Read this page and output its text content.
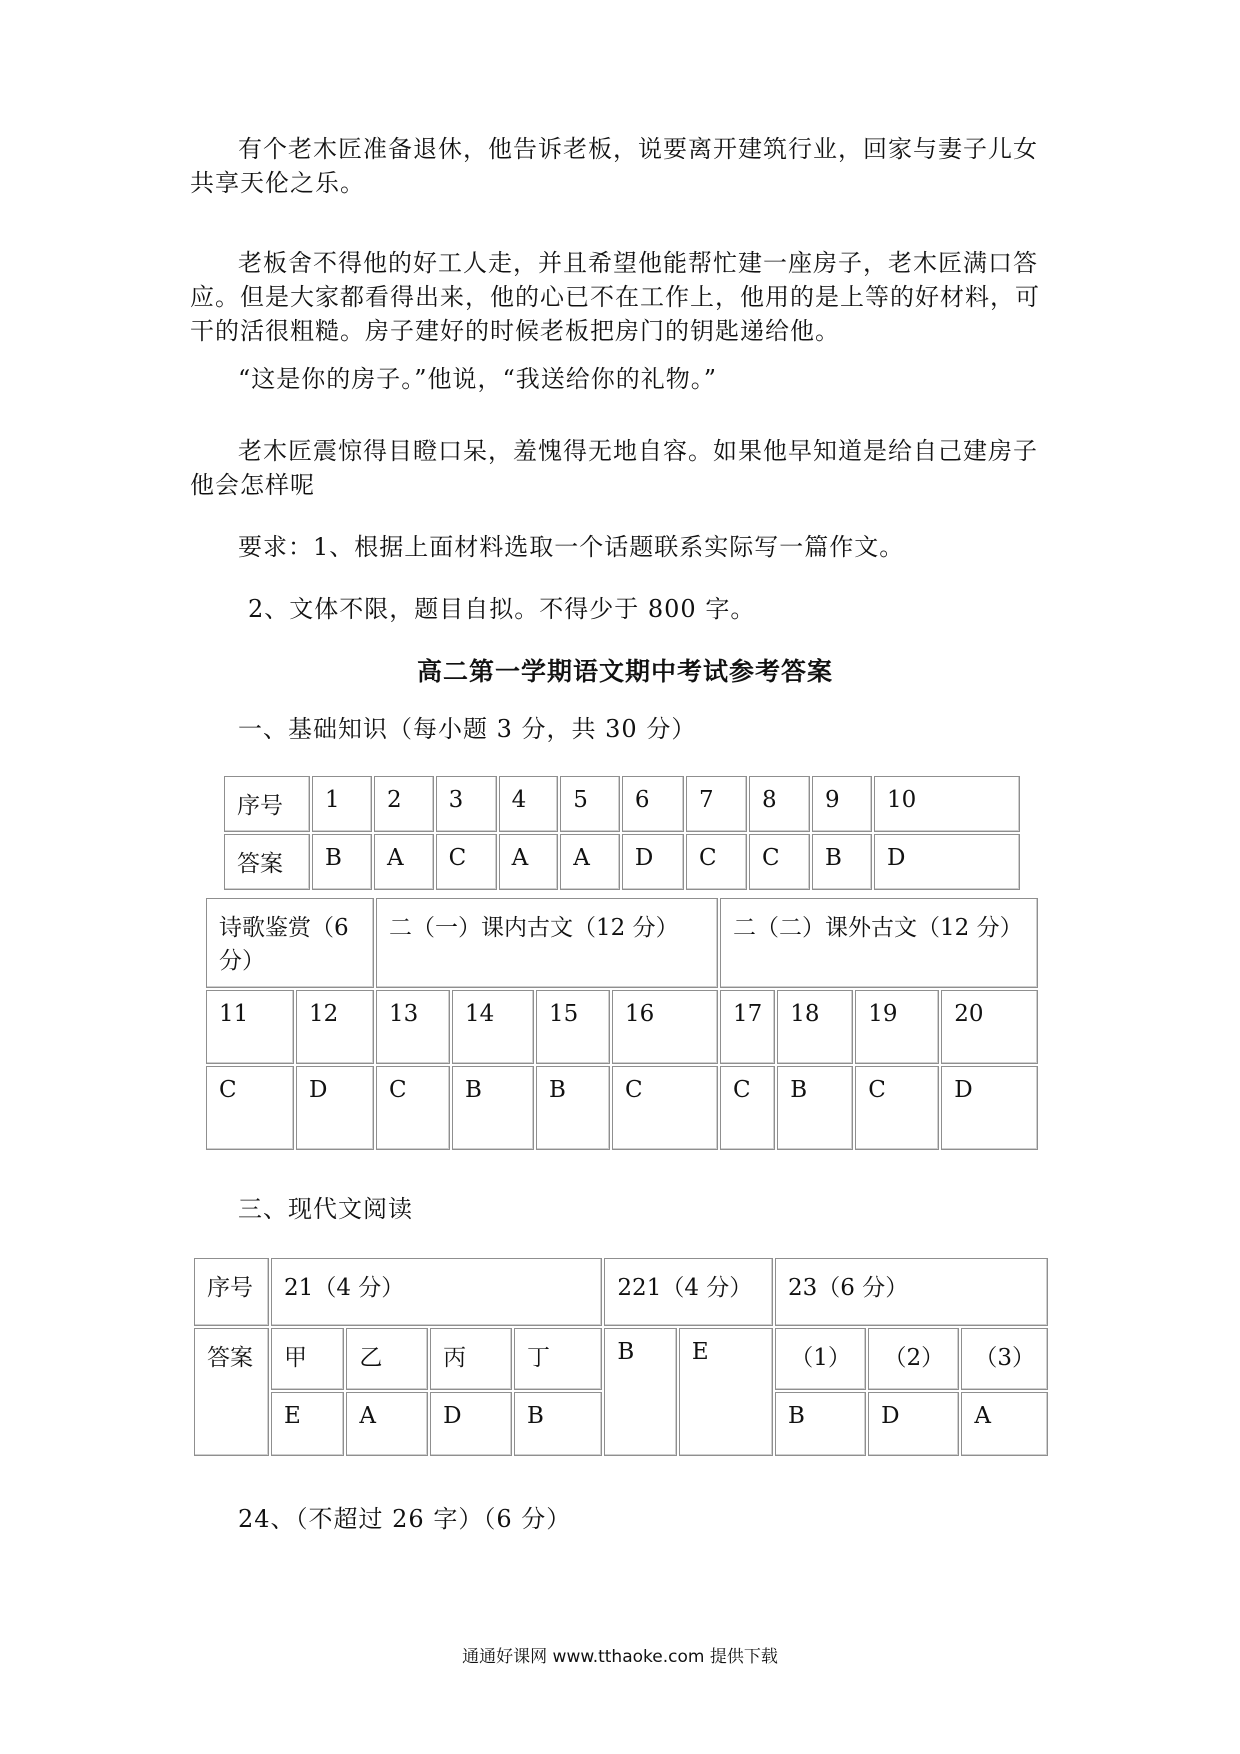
有个老木匠准备退休，他告诉老板，说要离开建筑行业，回家与妻子儿女共享天伦之乐。
老板舍不得他的好工人走，并且希望他能帮忙建一座房子，老木匠满口答应。但是大家都看得出来，他的心已不在工作上，他用的是上等的好材料，可干的活很粗糙。房子建好的时候老板把房门的钥匙递给他。
“这是你的房子。”他说，“我送给你的礼物。”
老木匠震惊得目瞪口呆，羞愧得无地自容。如果他早知道是给自己建房子他会怎样呢
要求：1、根据上面材料选取一个话题联系实际写一篇作文。
2、文体不限，题目自拟。不得少于 800 字。
高二第一学期语文期中考试参考答案
一、基础知识（每小题 3 分，共 30 分）
序号	1	2	3	4	5	6	7	8	9	10
答案	B	A	C	A	A	D	C	C	B	D
诗歌鉴赏（6 分）		二（一）课内古文（12 分）				二（二）课外古文（12 分）			
11	12	13	14	15	16	17	18	19	20
C	D	C	B	B	C	C	B	C	D
三、现代文阅读
序号	21（4 分）				221（4 分）		23（6 分）		
答案	甲	乙	丙	丁	B	E	（1）	（2）	（3）
	E	A	D	B			B	D	A
24、（不超过 26 字）（6 分）
通通好课网 www.tthaoke.com 提供下载
